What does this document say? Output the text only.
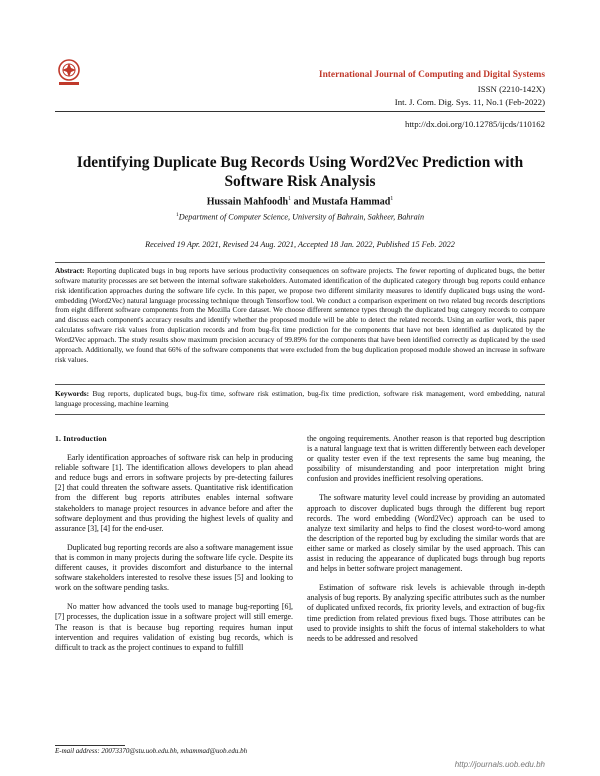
International Journal of Computing and Digital Systems
ISSN (2210-142X)
Int. J. Com. Dig. Sys. 11, No.1 (Feb-2022)
http://dx.doi.org/10.12785/ijcds/110162
Identifying Duplicate Bug Records Using Word2Vec Prediction with Software Risk Analysis
Hussain Mahfoodh$^1$ and Mustafa Hammad$^1$
$^1$Department of Computer Science, University of Bahrain, Sakheer, Bahrain
Received 19 Apr. 2021, Revised 24 Aug. 2021, Accepted 18 Jan. 2022, Published 15 Feb. 2022
Abstract: Reporting duplicated bugs in bug reports have serious productivity consequences on software projects. The fewer reporting of duplicated bugs, the better software maturity processes are set between the internal software stakeholders. Automated identification of the duplicated category through bug reports could enhance risk identification approaches during the software life cycle. In this paper, we propose two different similarity measures to identify duplicated bugs using the word-embedding (Word2Vec) natural language processing technique through Tensorflow tool. We conduct a comparison experiment on two related bug records descriptions from eight different software components from the Mozilla Core dataset. We choose different sentence types through the duplicated bug category records to compare and discuss each component's accuracy results and identify whether the proposed module will be able to detect the related records. Using an earlier work, this paper calculates software risk values from duplication records and from bug-fix time prediction for the components that have not been identified as duplicated by the Word2Vec approach. The study results show maximum precision accuracy of 99.89% for the components that have been identified correctly as duplicated by the used approach. Additionally, we found that 66% of the software components that were excluded from the bug duplication proposed module showed an increase in software risk values.
Keywords: Bug reports, duplicated bugs, bug-fix time, software risk estimation, bug-fix time prediction, software risk management, word embedding, natural language processing, machine learning

1. Introduction

Early identification approaches of software risk can help in producing reliable software [1]. The identification allows developers to plan ahead and reduce bugs and errors in software projects by pre-detecting failures [2] that could threaten the software assets. Quantitative risk identification from the different bug reports attributes enables internal software stakeholders to manage project resources in advance before and after the software deployment and thus providing the highest levels of quality and assurance [3], [4] for the end-user.

Duplicated bug reporting records are also a software management issue that is common in many projects during the software life cycle. Despite its different causes, it provides discomfort and disturbance to the internal software stakeholders interested to resolve these issues [5] and looking to work on the software pending tasks.

No matter how advanced the tools used to manage bug-reporting [6], [7] processes, the duplication issue in a software project will still emerge. The reason is that is because bug reporting requires human input intervention and requires validation of existing bug records, which is difficult to track as the project continues to expand to fulfill

the ongoing requirements. Another reason is that reported bug description is a natural language text that is written differently between each developer or quality tester even if the text represents the same bug meaning, the possibility of misunderstanding and poor interpretation might bring confusion and provides inefficient resolving operations.

The software maturity level could increase by providing an automated approach to discover duplicated bugs through the different bug report records. The word embedding (Word2Vec) approach can be used to analyze text similarity and helps to find the closest word-to-word among the description of the reported bug by excluding the similar words that are either same or marked as closely similar by the used approach. This can assist in reducing the appearance of duplicated bugs through bug reports and helps in better software project management.

Estimation of software risk levels is achievable through in-depth analysis of bug reports. By analyzing specific attributes such as the number of duplicated unfixed records, fix priority levels, and extraction of bug-fix time prediction from related previous fixed bugs. Those attributes can be used to provide insights to shift the focus of internal stakeholders to what needs to be addressed and resolved

E-mail address: 20073370@stu.uob.edu.bh, mhammad@uob.edu.bh
http://journals.uob.edu.bh
